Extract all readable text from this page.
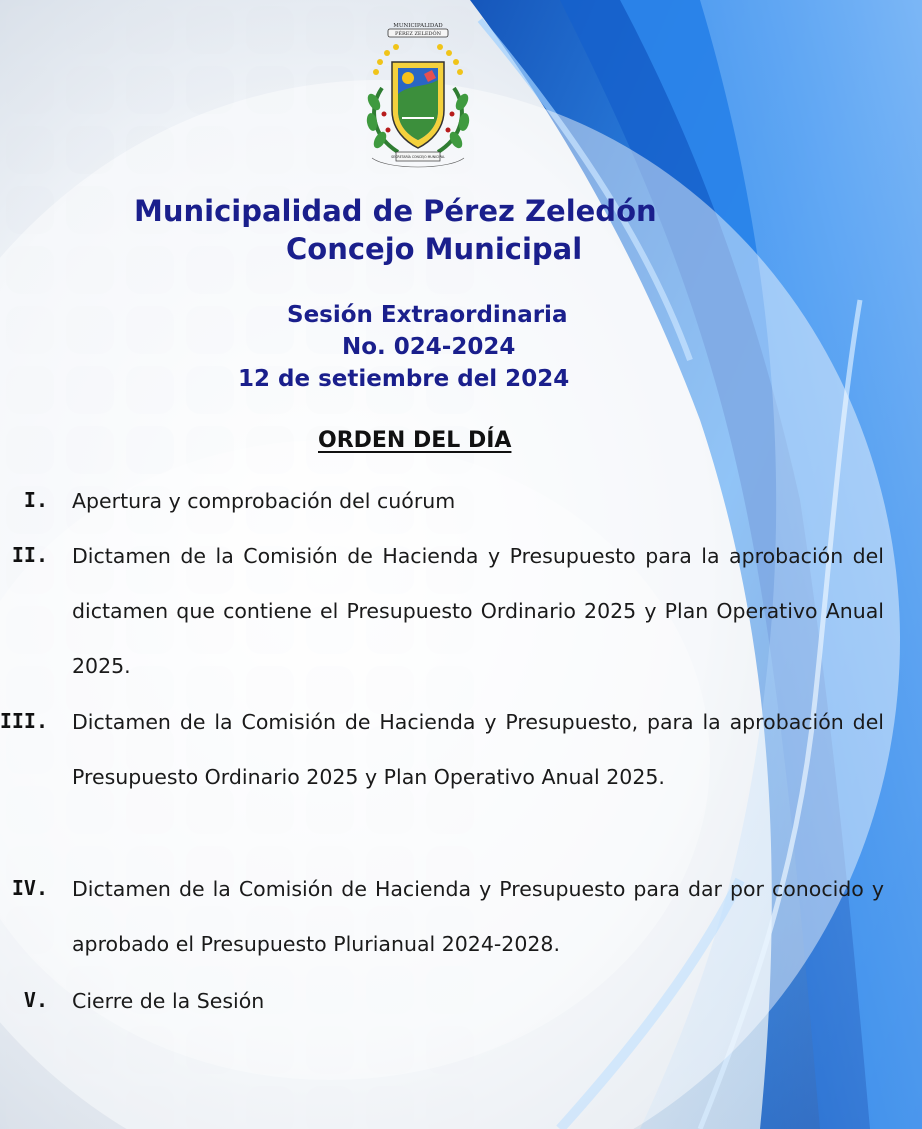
MUNICIPALIDAD
PÉREZ ZELEDÓN
SECRETARÍA CONCEJO MUNICIPAL
Municipalidad de Pérez Zeledón
Concejo Municipal
Sesión Extraordinaria
No. 024-2024
12 de setiembre del 2024
ORDEN DEL DÍA
I. Apertura y comprobación del cuórum
II. Dictamen de la Comisión de Hacienda y Presupuesto para la aprobación del dictamen que contiene el Presupuesto Ordinario 2025 y Plan Operativo Anual 2025.
III. Dictamen de la Comisión de Hacienda y Presupuesto, para la aprobación del Presupuesto Ordinario 2025 y Plan Operativo Anual 2025.
IV. Dictamen de la Comisión de Hacienda y Presupuesto para dar por conocido y aprobado el Presupuesto Plurianual 2024-2028.
V. Cierre de la Sesión
